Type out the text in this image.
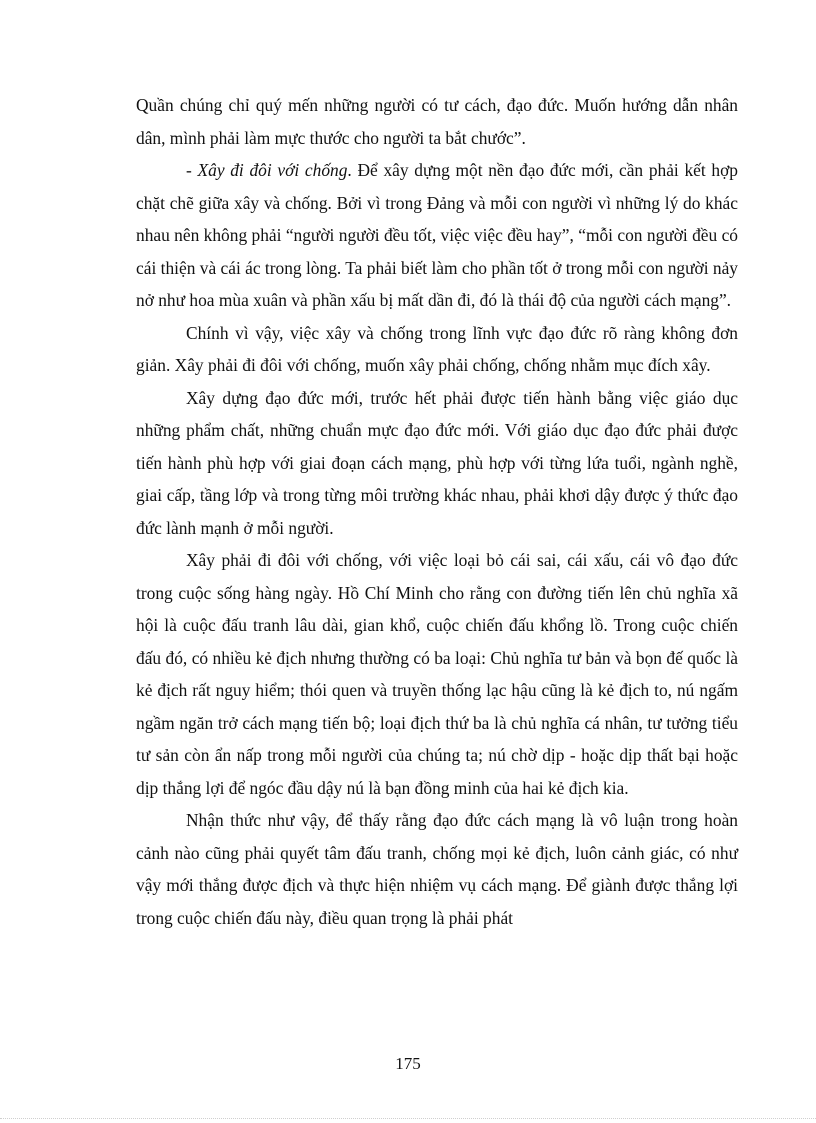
Quần chúng chỉ quý mến những người có tư cách, đạo đức. Muốn hướng dẫn nhân dân, mình phải làm mực thước cho người ta bắt chước”.

- Xây đi đôi với chống. Để xây dựng một nền đạo đức mới, cần phải kết hợp chặt chẽ giữa xây và chống. Bởi vì trong Đảng và mỗi con người vì những lý do khác nhau nên không phải “người người đều tốt, việc việc đều hay”, “mỗi con người đều có cái thiện và cái ác trong lòng. Ta phải biết làm cho phần tốt ở trong mỗi con người nảy nở như hoa mùa xuân và phần xấu bị mất dần đi, đó là thái độ của người cách mạng”.

Chính vì vậy, việc xây và chống trong lĩnh vực đạo đức rõ ràng không đơn giản. Xây phải đi đôi với chống, muốn xây phải chống, chống nhằm mục đích xây.

Xây dựng đạo đức mới, trước hết phải được tiến hành bằng việc giáo dục những phẩm chất, những chuẩn mực đạo đức mới. Với giáo dục đạo đức phải được tiến hành phù hợp với giai đoạn cách mạng, phù hợp với từng lứa tuổi, ngành nghề, giai cấp, tầng lớp và trong từng môi trường khác nhau, phải khơi dậy được ý thức đạo đức lành mạnh ở mỗi người.

Xây phải đi đôi với chống, với việc loại bỏ cái sai, cái xấu, cái vô đạo đức trong cuộc sống hàng ngày. Hồ Chí Minh cho rằng con đường tiến lên chủ nghĩa xã hội là cuộc đấu tranh lâu dài, gian khổ, cuộc chiến đấu khổng lồ. Trong cuộc chiến đấu đó, có nhiều kẻ địch nhưng thường có ba loại: Chủ nghĩa tư bản và bọn đế quốc là kẻ địch rất nguy hiểm; thói quen và truyền thống lạc hậu cũng là kẻ địch to, nú ngấm ngầm ngăn trở cách mạng tiến bộ; loại địch thứ ba là chủ nghĩa cá nhân, tư tưởng tiểu tư sản còn ẩn nấp trong mỗi người của chúng ta; nú chờ dịp - hoặc dịp thất bại hoặc dịp thắng lợi để ngóc đầu dậy nú là bạn đồng minh của hai kẻ địch kia.

Nhận thức như vậy, để thấy rằng đạo đức cách mạng là vô luận trong hoàn cảnh nào cũng phải quyết tâm đấu tranh, chống mọi kẻ địch, luôn cảnh giác, có như vậy mới thắng được địch và thực hiện nhiệm vụ cách mạng. Để giành được thắng lợi trong cuộc chiến đấu này, điều quan trọng là phải phát

175
